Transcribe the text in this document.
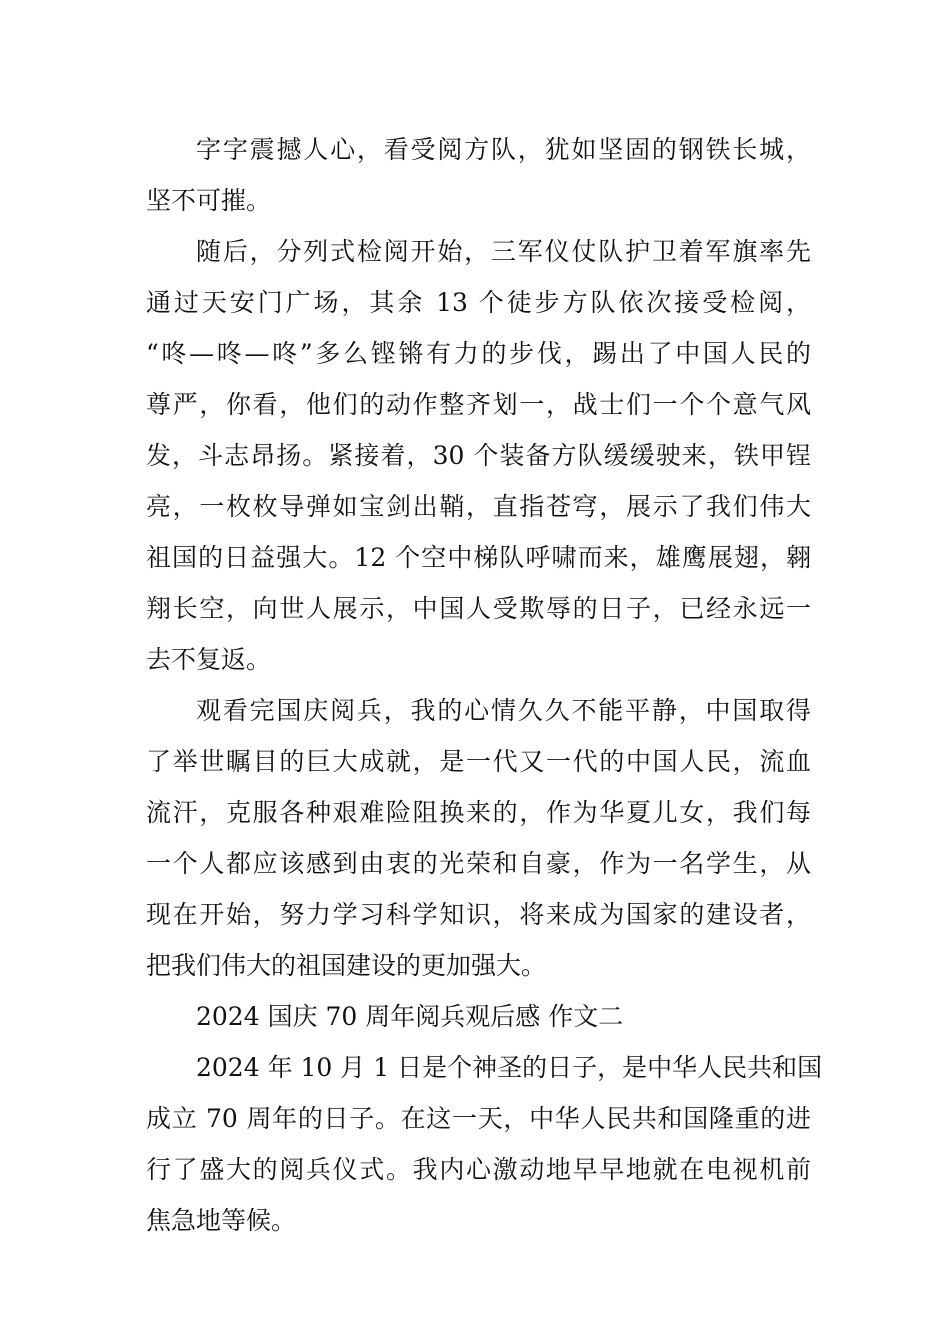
字字震撼人心，看受阅方队，犹如坚固的钢铁长城，
坚不可摧。
随后，分列式检阅开始，三军仪仗队护卫着军旗率先
通过天安门广场，其余 13 个徒步方队依次接受检阅，
“咚—咚—咚”多么铿锵有力的步伐，踢出了中国人民的
尊严，你看，他们的动作整齐划一，战士们一个个意气风
发，斗志昂扬。紧接着，30 个装备方队缓缓驶来，铁甲锃
亮，一枚枚导弹如宝剑出鞘，直指苍穹，展示了我们伟大
祖国的日益强大。12 个空中梯队呼啸而来，雄鹰展翅，翱
翔长空，向世人展示，中国人受欺辱的日子，已经永远一
去不复返。
观看完国庆阅兵，我的心情久久不能平静，中国取得
了举世瞩目的巨大成就，是一代又一代的中国人民，流血
流汗，克服各种艰难险阻换来的，作为华夏儿女，我们每
一个人都应该感到由衷的光荣和自豪，作为一名学生，从
现在开始，努力学习科学知识，将来成为国家的建设者，
把我们伟大的祖国建设的更加强大。
2024 国庆 70 周年阅兵观后感 作文二
2024 年 10 月 1 日是个神圣的日子，是中华人民共和国
成立 70 周年的日子。在这一天，中华人民共和国隆重的进
行了盛大的阅兵仪式。我内心激动地早早地就在电视机前
焦急地等候。
